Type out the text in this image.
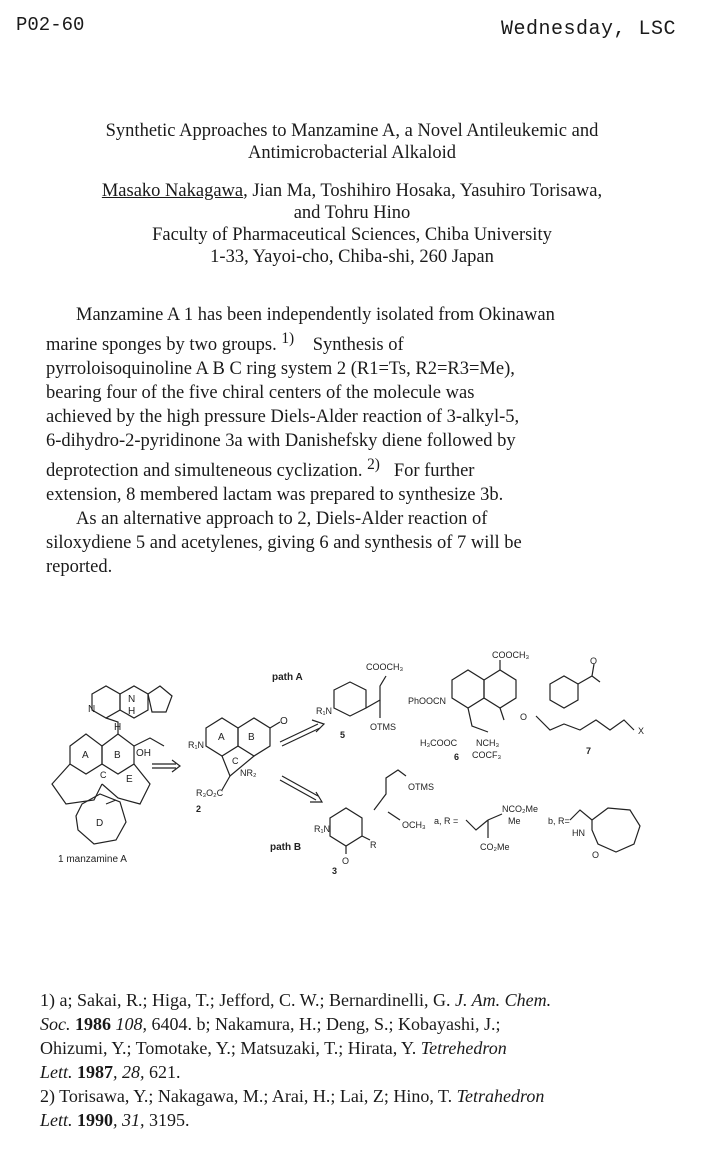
P02-60	Wednesday, LSC
Synthetic Approaches to Manzamine A, a Novel Antileukemic and
Antimicrobacterial Alkaloid
Masako Nakagawa, Jian Ma, Toshihiro Hosaka, Yasuhiro Torisawa,
and Tohru Hino
Faculty of Pharmaceutical Sciences, Chiba University
1-33, Yayoi-cho, Chiba-shi, 260 Japan
Manzamine A 1 has been independently isolated from Okinawan
marine sponges by two groups. $^{1)}$ Synthesis of
pyrroloisoquinoline A B C ring system 2 (R1=Ts, R2=R3=Me),
bearing four of the five chiral centers of the molecule was
achieved by the high pressure Diels-Alder reaction of 3-alkyl-5,
6-dihydro-2-pyridinone 3a with Danishefsky diene followed by
deprotection and simulteneous cyclization. $^{2)}$ For further
extension, 8 membered lactam was prepared to synthesize 3b.
As an alternative approach to 2, Diels-Alder reaction of
siloxydiene 5 and acetylenes, giving 6 and synthesis of 7 will be
reported.
N
N
H
H
A	B
C E
D
OH
1 manzamine A
A B
C
O
R₁N
NR₂
R₃O₂C
2
path A
path B
COOCH₃
R₁N
OTMS
5
COOCH₃
PhOOCN
H₃COOC NCH₃
COCF₃
6
O
O
X
7
OTMS
OCH₃
R₁N
O
R
3
a, R =
NCO₂Me
Me
CO₂Me
b, R=
HN
O
1) a; Sakai, R.; Higa, T.; Jefford, C. W.; Bernardinelli, G. J. Am. Chem.
Soc. 1986 108, 6404. b; Nakamura, H.; Deng, S.; Kobayashi, J.;
Ohizumi, Y.; Tomotake, Y.; Matsuzaki, T.; Hirata, Y. Tetrehedron
Lett. 1987, 28, 621.
2) Torisawa, Y.; Nakagawa, M.; Arai, H.; Lai, Z; Hino, T. Tetrahedron
Lett. 1990, 31, 3195.
